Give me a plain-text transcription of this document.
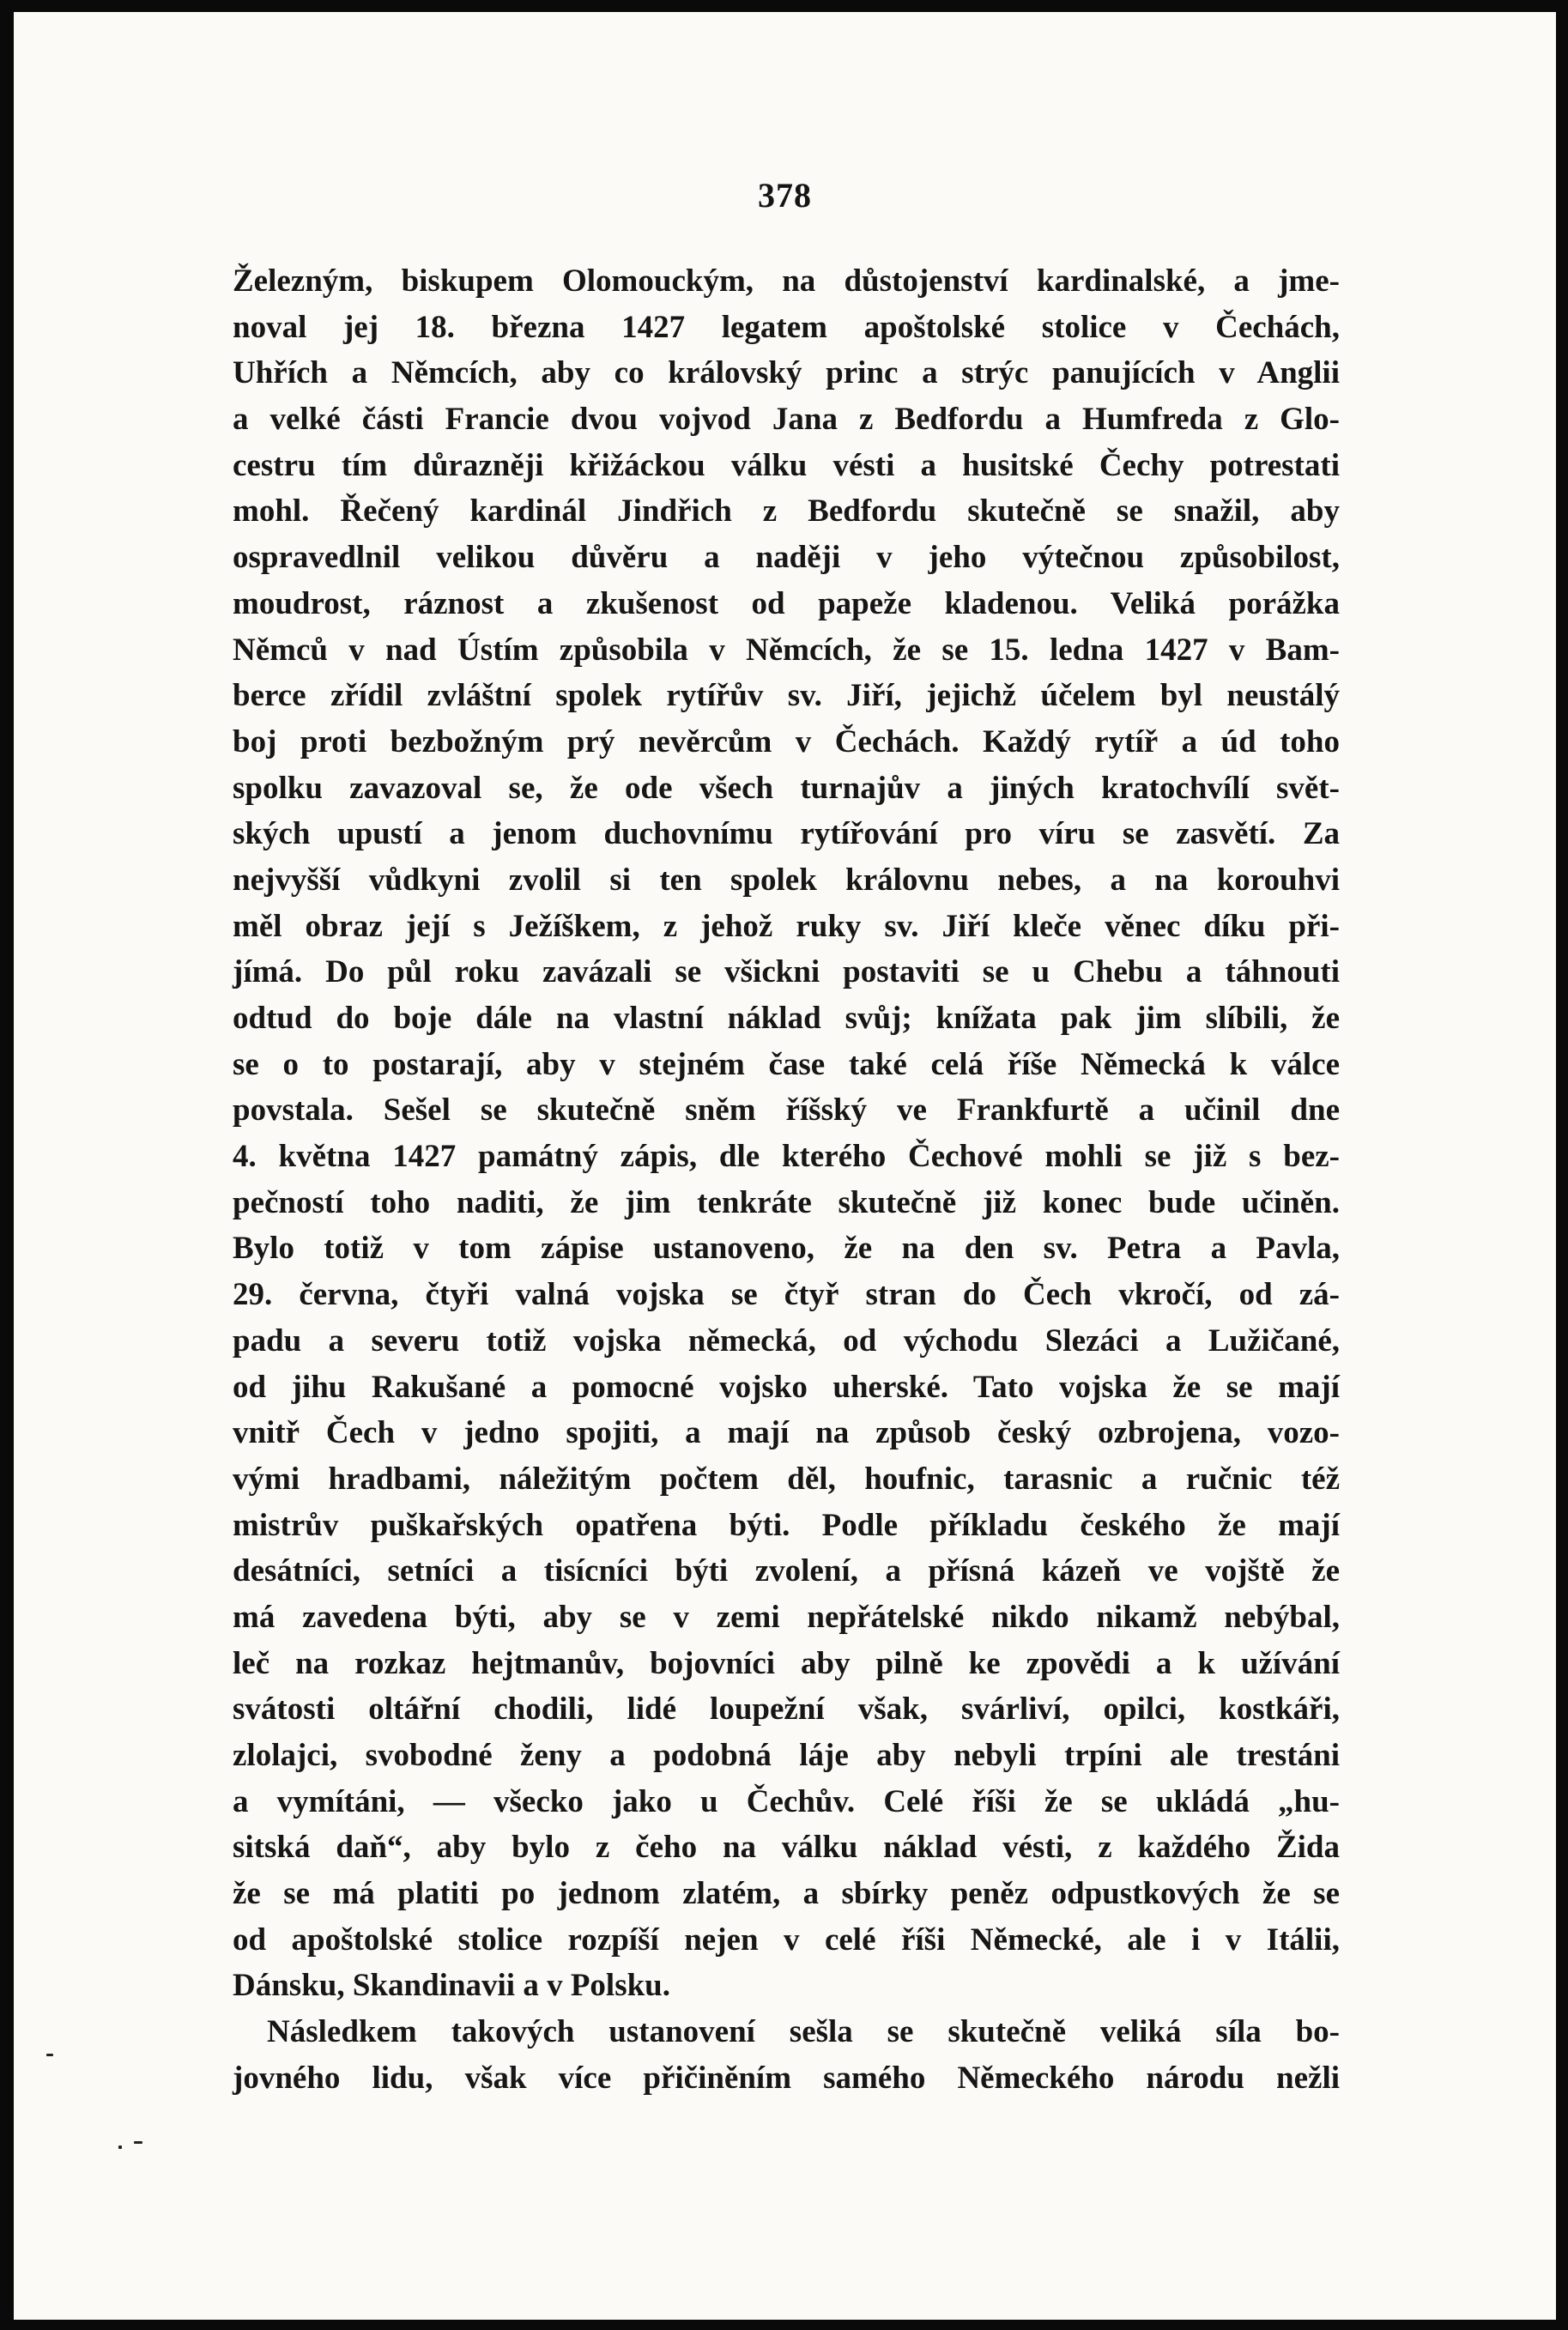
378
Železným, biskupem Olomouckým, na důstojenství kardinalské, a jme-
noval jej 18. března 1427 legatem apoštolské stolice v Čechách,
Uhřích a Němcích, aby co královský princ a strýc panujících v Anglii
a velké části Francie dvou vojvod Jana z Bedfordu a Humfreda z Glo-
cestru tím důrazněji křižáckou válku vésti a husitské Čechy potrestati
mohl. Řečený kardinál Jindřich z Bedfordu skutečně se snažil, aby
ospravedlnil velikou důvěru a naději v jeho výtečnou způsobilost,
moudrost, ráznost a zkušenost od papeže kladenou. Veliká porážka
Němců v nad Ústím způsobila v Němcích, že se 15. ledna 1427 v Bam-
berce zřídil zvláštní spolek rytířův sv. Jiří, jejichž účelem byl neustálý
boj proti bezbožným prý nevěrcům v Čechách. Každý rytíř a úd toho
spolku zavazoval se, že ode všech turnajův a jiných kratochvílí svět-
ských upustí a jenom duchovnímu rytířování pro víru se zasvětí. Za
nejvyšší vůdkyni zvolil si ten spolek královnu nebes, a na korouhvi
měl obraz její s Ježíškem, z jehož ruky sv. Jiří kleče věnec díku při-
jímá. Do půl roku zavázali se všickni postaviti se u Chebu a táhnouti
odtud do boje dále na vlastní náklad svůj; knížata pak jim slíbili, že
se o to postarají, aby v stejném čase také celá říše Německá k válce
povstala. Sešel se skutečně sněm říšský ve Frankfurtě a učinil dne
4. května 1427 památný zápis, dle kterého Čechové mohli se již s bez-
pečností toho naditi, že jim tenkráte skutečně již konec bude učiněn.
Bylo totiž v tom zápise ustanoveno, že na den sv. Petra a Pavla,
29. června, čtyři valná vojska se čtyř stran do Čech vkročí, od zá-
padu a severu totiž vojska německá, od východu Slezáci a Lužičané,
od jihu Rakušané a pomocné vojsko uherské. Tato vojska že se mají
vnitř Čech v jedno spojiti, a mají na způsob český ozbrojena, vozo-
vými hradbami, náležitým počtem děl, houfnic, tarasnic a ručnic též
mistrův puškařských opatřena býti. Podle příkladu českého že mají
desátníci, setníci a tisícníci býti zvolení, a přísná kázeň ve vojště že
má zavedena býti, aby se v zemi nepřátelské nikdo nikamž nebýbal,
leč na rozkaz hejtmanův, bojovníci aby pilně ke zpovědi a k užívání
svátosti oltářní chodili, lidé loupežní však, svárliví, opilci, kostkáři,
zlolajci, svobodné ženy a podobná láje aby nebyli trpíni ale trestáni
a vymítáni, — všecko jako u Čechův. Celé říši že se ukládá „hu-
sitská daň“, aby bylo z čeho na válku náklad vésti, z každého Žida
že se má platiti po jednom zlatém, a sbírky peněz odpustkových že se
od apoštolské stolice rozpíší nejen v celé říši Německé, ale i v Itálii,
Dánsku, Skandinavii a v Polsku.
Následkem takových ustanovení sešla se skutečně veliká síla bo-
jovného lidu, však více přičiněním samého Německého národu nežli
